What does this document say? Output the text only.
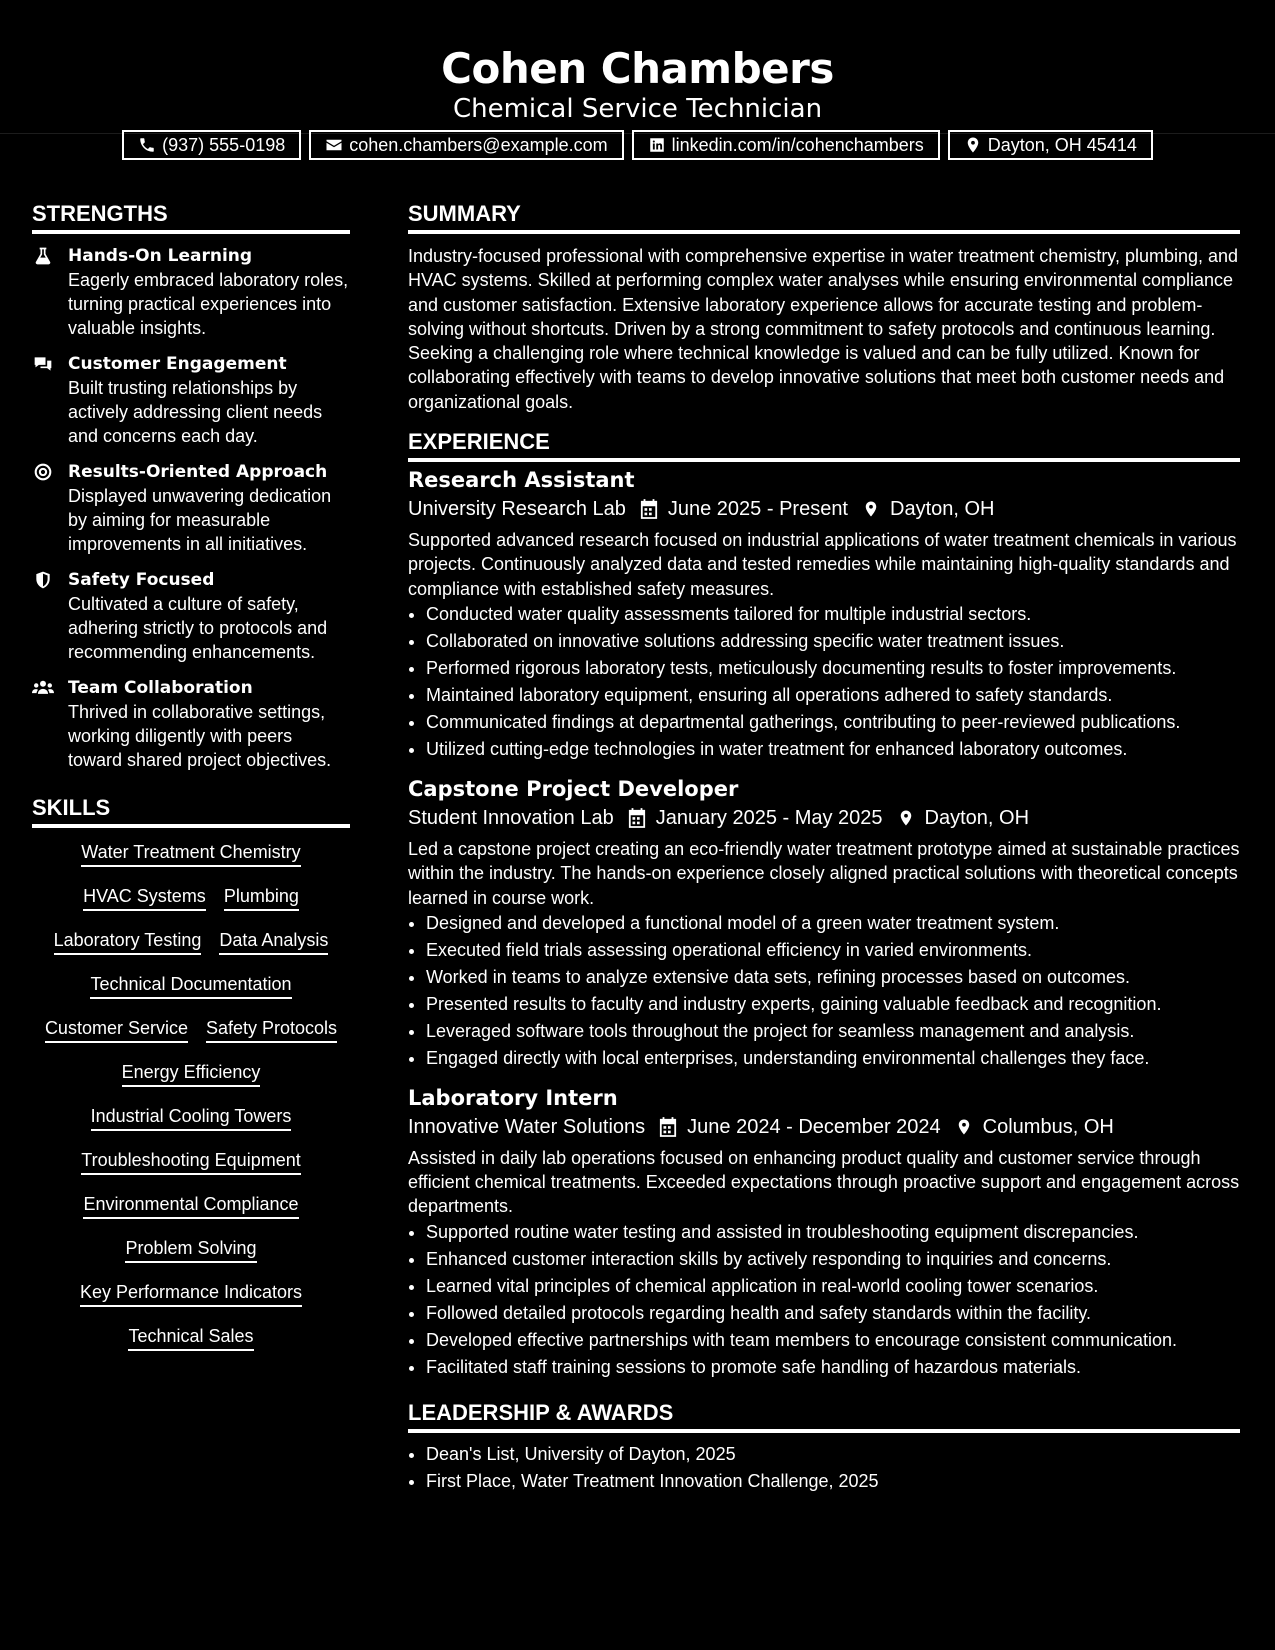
Cohen Chambers
Chemical Service Technician
(937) 555-0198	cohen.chambers@example.com	linkedin.com/in/cohenchambers	Dayton, OH 45414
STRENGTHS
Hands-On Learning
Eagerly embraced laboratory roles, turning practical experiences into valuable insights.
Customer Engagement
Built trusting relationships by actively addressing client needs and concerns each day.
Results-Oriented Approach
Displayed unwavering dedication by aiming for measurable improvements in all initiatives.
Safety Focused
Cultivated a culture of safety, adhering strictly to protocols and recommending enhancements.
Team Collaboration
Thrived in collaborative settings, working diligently with peers toward shared project objectives.
SKILLS
Water Treatment Chemistry
HVAC Systems Plumbing
Laboratory Testing Data Analysis
Technical Documentation
Customer Service Safety Protocols
Energy Efficiency
Industrial Cooling Towers
Troubleshooting Equipment
Environmental Compliance
Problem Solving
Key Performance Indicators
Technical Sales
SUMMARY
Industry-focused professional with comprehensive expertise in water treatment chemistry, plumbing, and HVAC systems. Skilled at performing complex water analyses while ensuring environmental compliance and customer satisfaction. Extensive laboratory experience allows for accurate testing and problem-solving without shortcuts. Driven by a strong commitment to safety protocols and continuous learning. Seeking a challenging role where technical knowledge is valued and can be fully utilized. Known for collaborating effectively with teams to develop innovative solutions that meet both customer needs and organizational goals.
EXPERIENCE
Research Assistant
University Research Lab June 2025 - Present Dayton, OH
Supported advanced research focused on industrial applications of water treatment chemicals in various projects. Continuously analyzed data and tested remedies while maintaining high-quality standards and compliance with established safety measures.
• Conducted water quality assessments tailored for multiple industrial sectors.
• Collaborated on innovative solutions addressing specific water treatment issues.
• Performed rigorous laboratory tests, meticulously documenting results to foster improvements.
• Maintained laboratory equipment, ensuring all operations adhered to safety standards.
• Communicated findings at departmental gatherings, contributing to peer-reviewed publications.
• Utilized cutting-edge technologies in water treatment for enhanced laboratory outcomes.
Capstone Project Developer
Student Innovation Lab January 2025 - May 2025 Dayton, OH
Led a capstone project creating an eco-friendly water treatment prototype aimed at sustainable practices within the industry. The hands-on experience closely aligned practical solutions with theoretical concepts learned in course work.
• Designed and developed a functional model of a green water treatment system.
• Executed field trials assessing operational efficiency in varied environments.
• Worked in teams to analyze extensive data sets, refining processes based on outcomes.
• Presented results to faculty and industry experts, gaining valuable feedback and recognition.
• Leveraged software tools throughout the project for seamless management and analysis.
• Engaged directly with local enterprises, understanding environmental challenges they face.
Laboratory Intern
Innovative Water Solutions June 2024 - December 2024 Columbus, OH
Assisted in daily lab operations focused on enhancing product quality and customer service through efficient chemical treatments. Exceeded expectations through proactive support and engagement across departments.
• Supported routine water testing and assisted in troubleshooting equipment discrepancies.
• Enhanced customer interaction skills by actively responding to inquiries and concerns.
• Learned vital principles of chemical application in real-world cooling tower scenarios.
• Followed detailed protocols regarding health and safety standards within the facility.
• Developed effective partnerships with team members to encourage consistent communication.
• Facilitated staff training sessions to promote safe handling of hazardous materials.
LEADERSHIP & AWARDS
• Dean's List, University of Dayton, 2025
• First Place, Water Treatment Innovation Challenge, 2025
